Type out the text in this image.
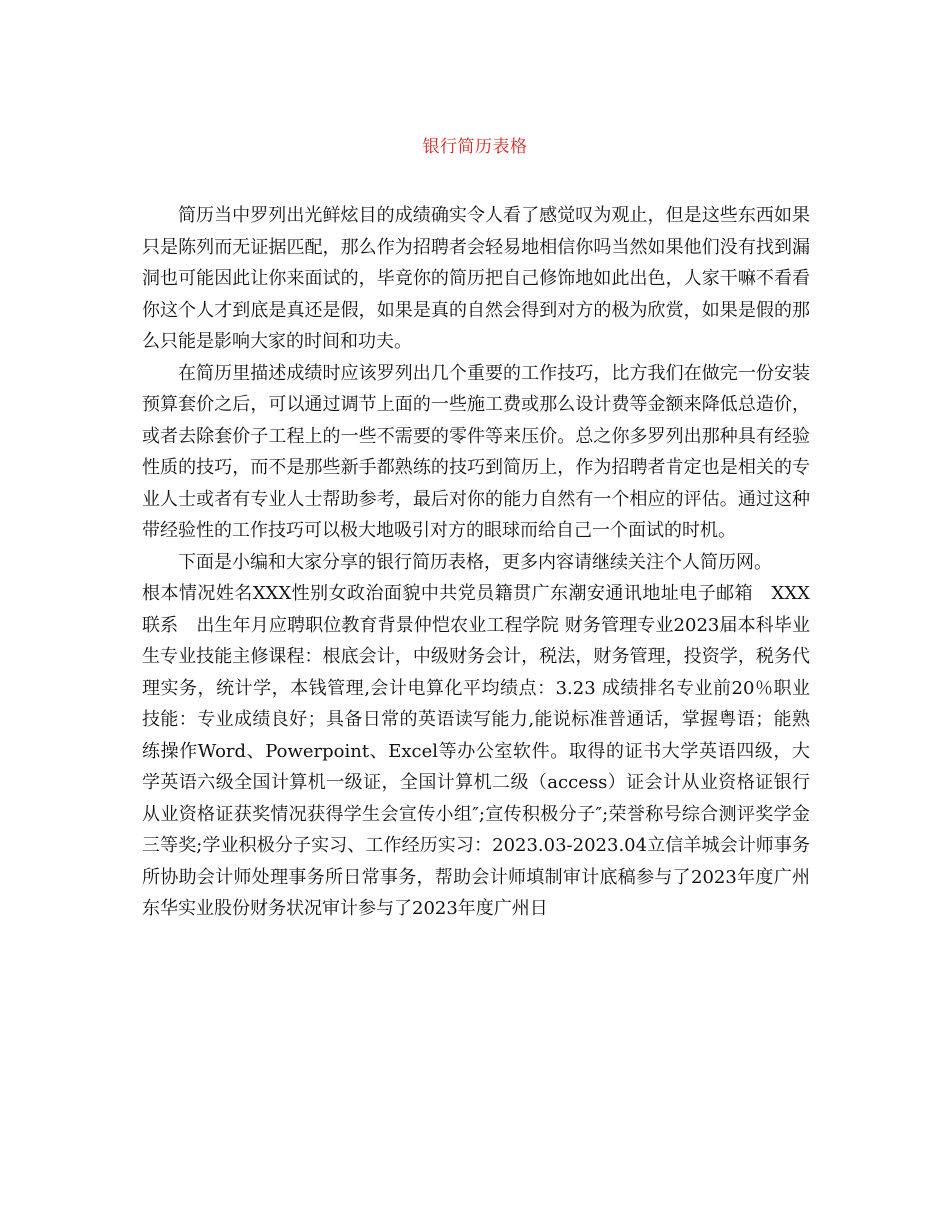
银行简历表格

简历当中罗列出光鲜炫目的成绩确实令人看了感觉叹为观止，但是这些东西如果只是陈列而无证据匹配，那么作为招聘者会轻易地相信你吗当然如果他们没有找到漏洞也可能因此让你来面试的，毕竟你的简历把自己修饰地如此出色，人家干嘛不看看你这个人才到底是真还是假，如果是真的自然会得到对方的极为欣赏，如果是假的那么只能是影响大家的时间和功夫。

在简历里描述成绩时应该罗列出几个重要的工作技巧，比方我们在做完一份安装预算套价之后，可以通过调节上面的一些施工费或那么设计费等金额来降低总造价，或者去除套价子工程上的一些不需要的零件等来压价。总之你多罗列出那种具有经验性质的技巧，而不是那些新手都熟练的技巧到简历上，作为招聘者肯定也是相关的专业人士或者有专业人士帮助参考，最后对你的能力自然有一个相应的评估。通过这种带经验性的工作技巧可以极大地吸引对方的眼球而给自己一个面试的时机。

下面是小编和大家分享的银行简历表格，更多内容请继续关注个人简历网。

根本情况姓名XXX性别女政治面貌中共党员籍贯广东潮安通讯地址电子邮箱　XXX联系　出生年月应聘职位教育背景仲恺农业工程学院 财务管理专业2023届本科毕业生专业技能主修课程：根底会计，中级财务会计，税法，财务管理，投资学，税务代理实务，统计学，本钱管理,会计电算化平均绩点：3.23 成绩排名专业前20％职业技能：专业成绩良好；具备日常的英语读写能力,能说标准普通话，掌握粤语；能熟练操作Word、Powerpoint、Excel等办公室软件。取得的证书大学英语四级，大学英语六级全国计算机一级证，全国计算机二级（access）证会计从业资格证银行从业资格证获奖情况获得学生会宣传小组″;宣传积极分子″;荣誉称号综合测评奖学金三等奖;学业积极分子实习、工作经历实习：2023.03-2023.04立信羊城会计师事务所协助会计师处理事务所日常事务，帮助会计师填制审计底稿参与了2023年度广州东华实业股份财务状况审计参与了2023年度广州日
